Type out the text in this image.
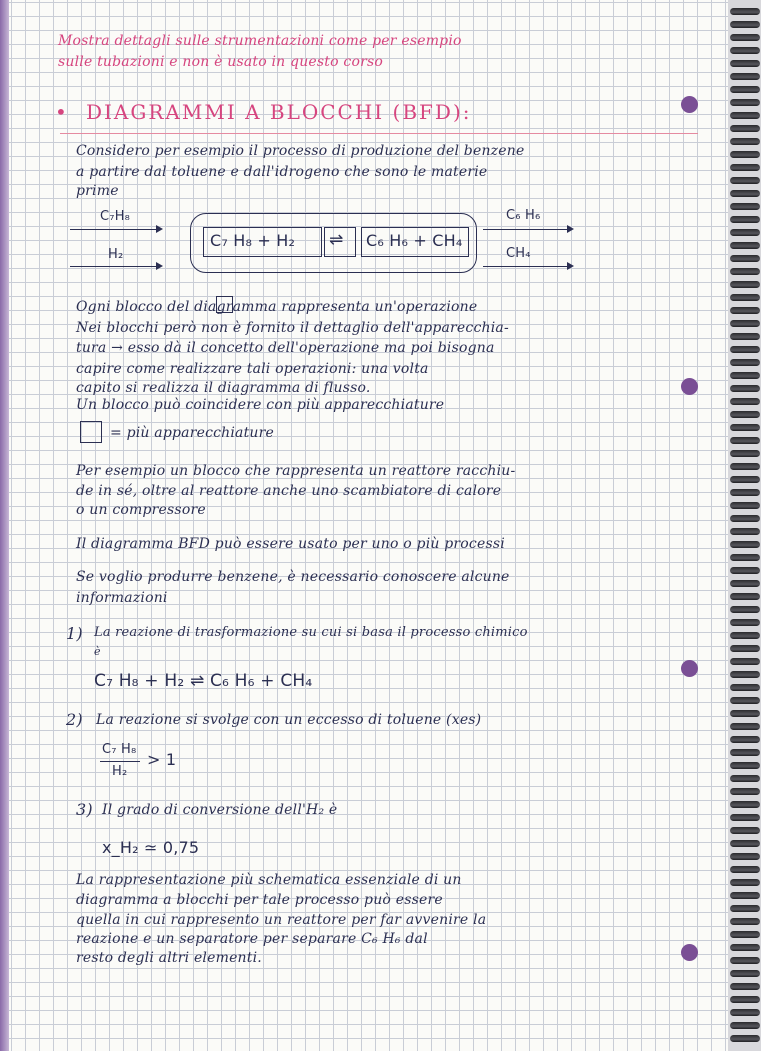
Mostra dettagli sulle strumentazioni come per esempio
sulle tubazioni e non è usato in questo corso
• DIAGRAMMI A BLOCCHI (BFD):
Considero per esempio il processo di produzione del benzene
a partire dal toluene e dall'idrogeno che sono le materie
prime
C₇H₈
H₂
C₇ H₈ + H₂ ⇌ C₆ H₆ + CH₄
C₆ H₆
CH₄
Ogni blocco del diagramma rappresenta un'operazione
Nei blocchi però non è fornito il dettaglio dell'apparecchia-
tura → esso dà il concetto dell'operazione ma poi bisogna
capire come realizzare tali operazioni: una volta
capito si realizza il diagramma di flusso.
Un blocco può coincidere con più apparecchiature
= più apparecchiature
Per esempio un blocco che rappresenta un reattore racchiu-
de in sé, oltre al reattore anche uno scambiatore di calore
o un compressore
Il diagramma BFD può essere usato per uno o più processi
Se voglio produrre benzene, è necessario conoscere alcune
informazioni
1) La reazione di trasformazione su cui si basa il processo chimico
è
C₇ H₈ + H₂ ⇌ C₆ H₆ + CH₄
2) La reazione si svolge con un eccesso di toluene (xes)
C₇ H₈
H₂
> 1
3) Il grado di conversione dell'H₂ è
x_H₂ ≃ 0,75
La rappresentazione più schematica essenziale di un
diagramma a blocchi per tale processo può essere
quella in cui rappresento un reattore per far avvenire la
reazione e un separatore per separare C₆ H₆ dal
resto degli altri elementi.
